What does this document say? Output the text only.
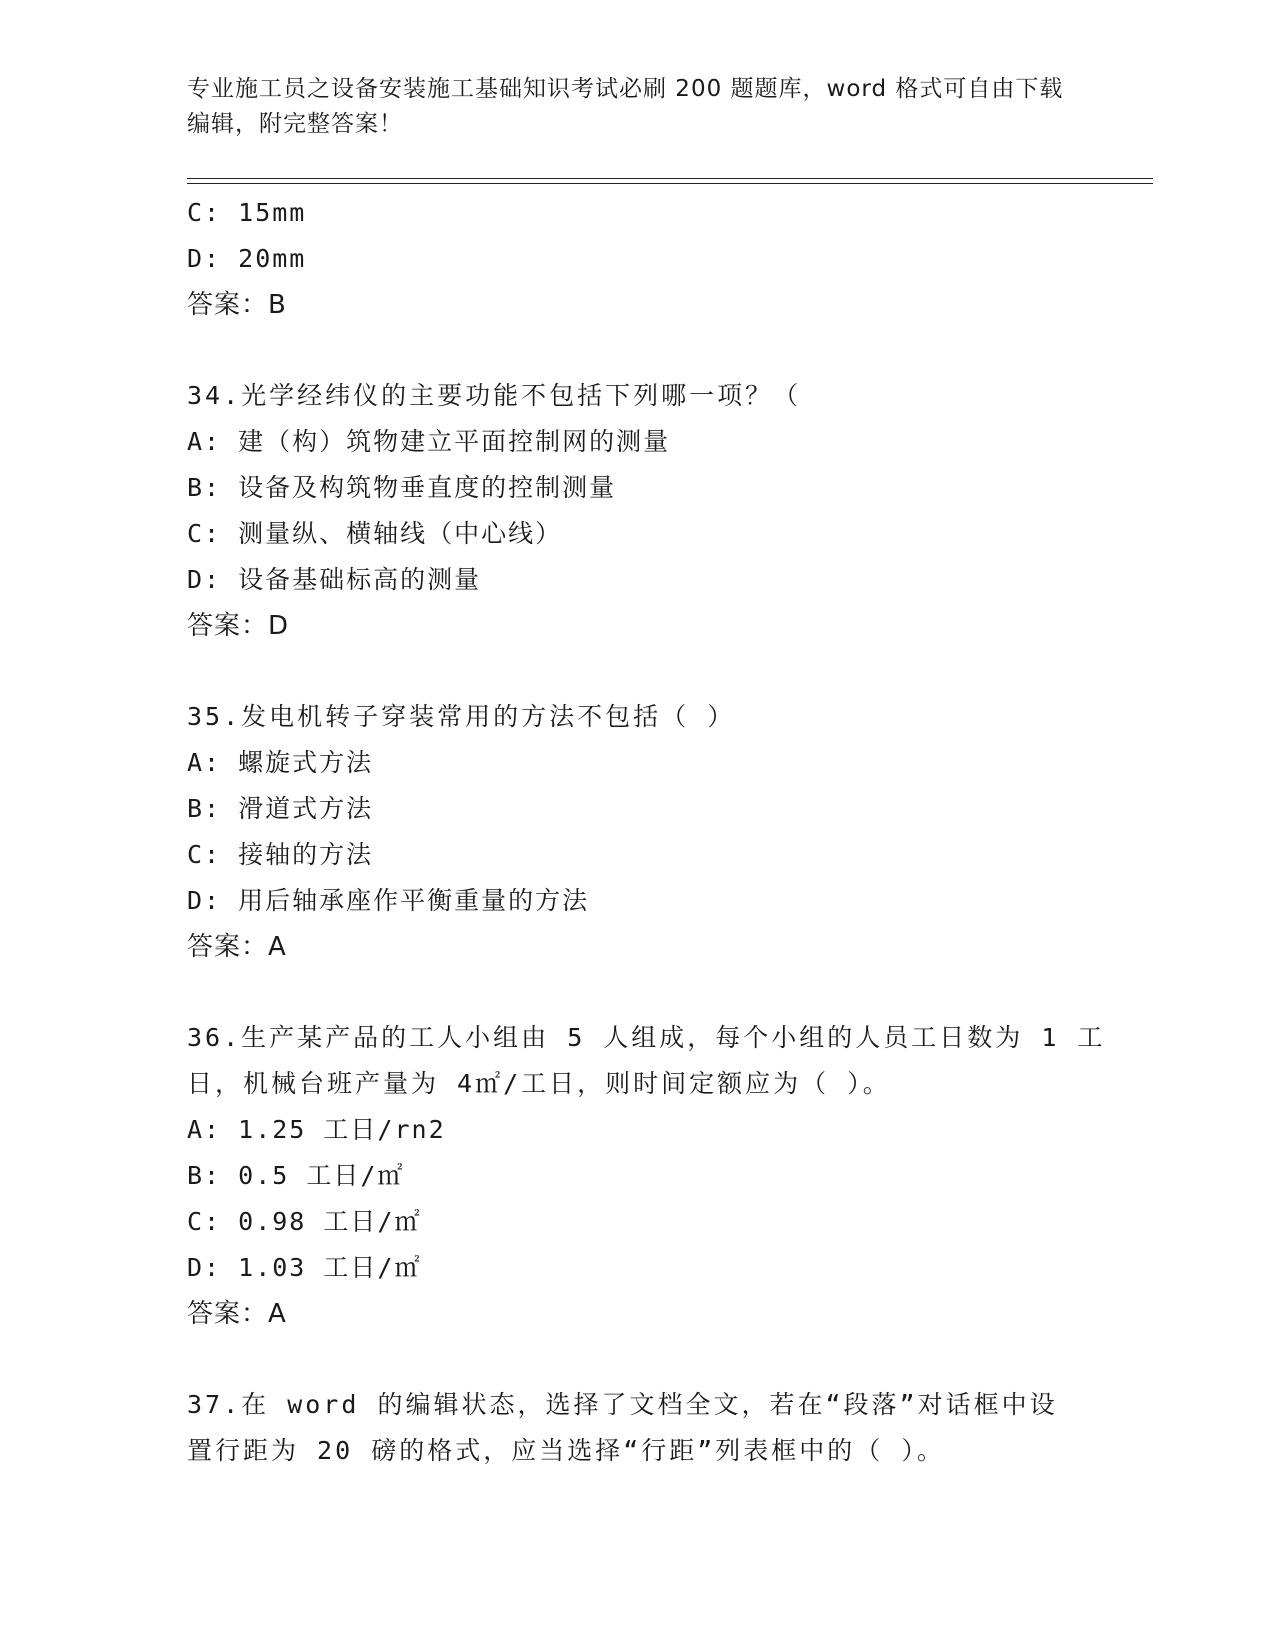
专业施工员之设备安装施工基础知识考试必刷 200 题题库，word 格式可自由下载
编辑，附完整答案！
C: 15mm
D: 20mm
答案：B
34.光学经纬仪的主要功能不包括下列哪一项？（
A: 建（构）筑物建立平面控制网的测量
B: 设备及构筑物垂直度的控制测量
C: 测量纵、横轴线（中心线）
D: 设备基础标高的测量
答案：D
35.发电机转子穿装常用的方法不包括（ ）
A: 螺旋式方法
B: 滑道式方法
C: 接轴的方法
D: 用后轴承座作平衡重量的方法
答案：A
36.生产某产品的工人小组由 5 人组成，每个小组的人员工日数为 1 工
日，机械台班产量为 4㎡/工日，则时间定额应为（ ）。
A: 1.25 工日/rn2
B: 0.5 工日/㎡
C: 0.98 工日/㎡
D: 1.03 工日/㎡
答案：A
37.在 word 的编辑状态，选择了文档全文，若在“段落”对话框中设
置行距为 20 磅的格式，应当选择“行距”列表框中的（ ）。
